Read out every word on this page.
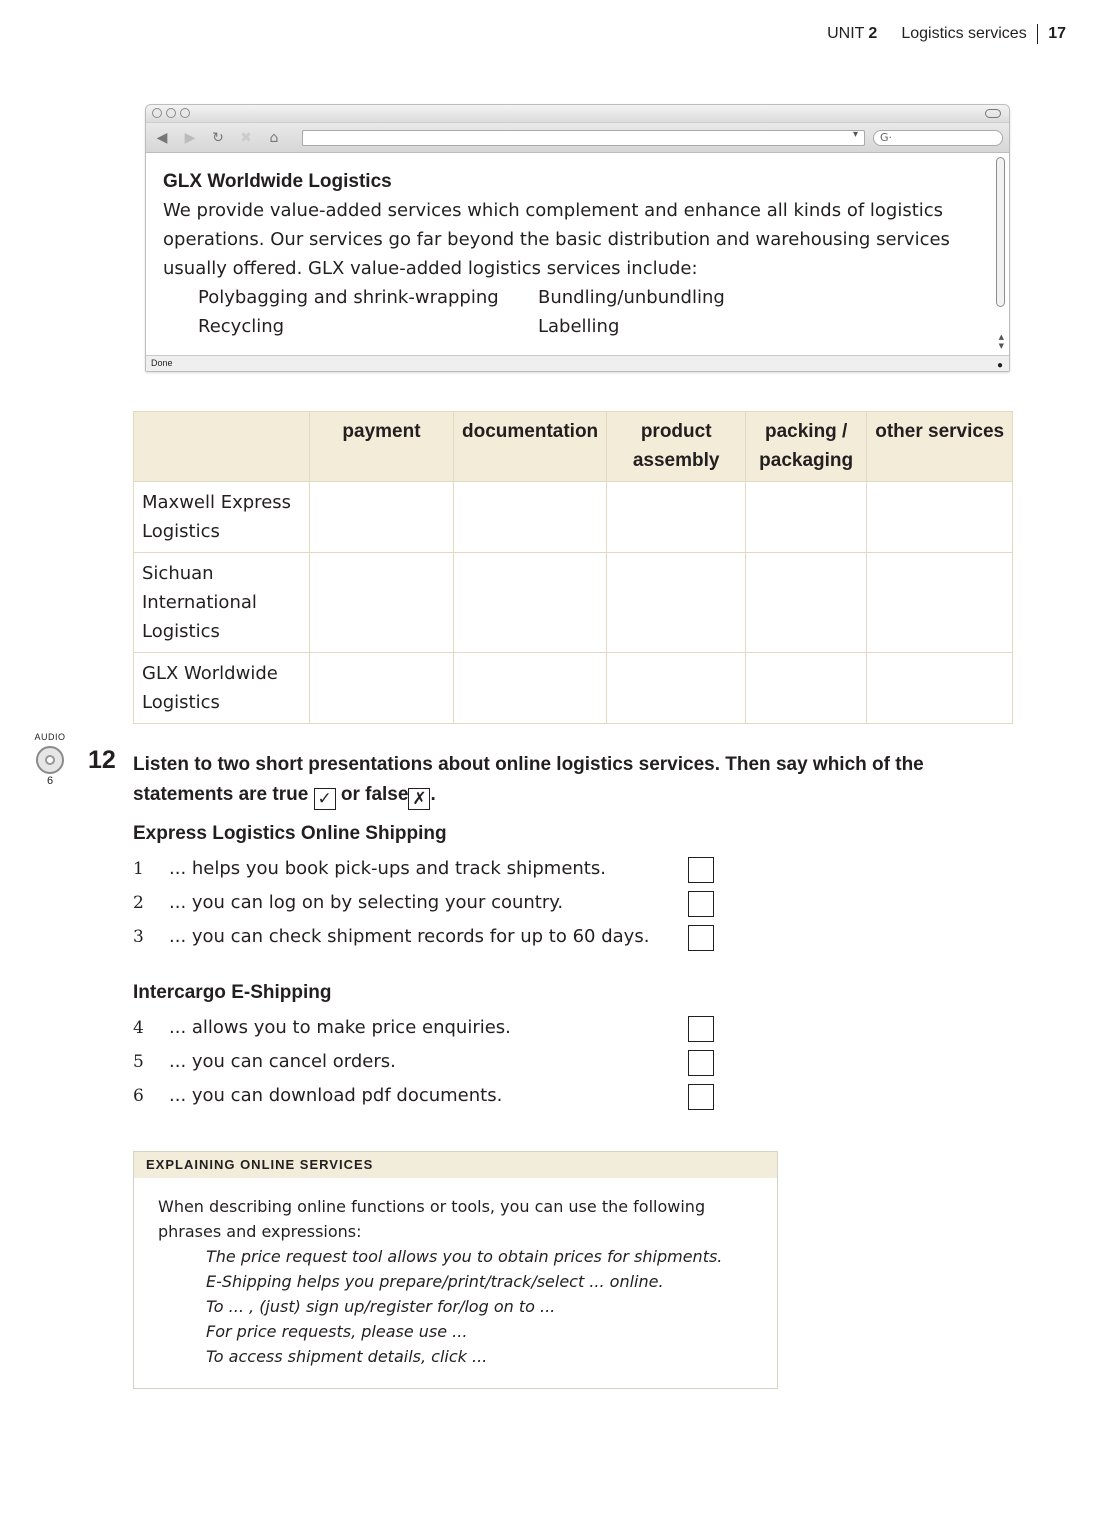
UNIT 2 Logistics services 17
◀	▶	↻ ✖	⌂	▾	G·
GLX Worldwide Logistics
We provide value-added services which complement and enhance all kinds of logistics
operations. Our services go far beyond the basic distribution and warehousing services
usually offered. GLX value-added logistics services include:
Polybagging and shrink-wrapping	Bundling/unbundling
Recycling	Labelling	▲
▼
Done	●
	payment	documentation	product assembly	packing / packaging	other services
Maxwell Express Logistics					
Sichuan International Logistics					
GLX Worldwide Logistics					
AUDIO
6
12 Listen to two short presentations about online logistics services. Then say which of the statements are true ✓ or false ✗ .
Express Logistics Online Shipping
1	... helps you book pick-ups and track shipments.
2	... you can log on by selecting your country.
3	... you can check shipment records for up to 60 days.
Intercargo E-Shipping
4	... allows you to make price enquiries.
5	... you can cancel orders.
6	... you can download pdf documents.
EXPLAINING ONLINE SERVICES
When describing online functions or tools, you can use the following
phrases and expressions:
The price request tool allows you to obtain prices for shipments.
E-Shipping helps you prepare/print/track/select ... online.
To ... , (just) sign up/register for/log on to ...
For price requests, please use ...
To access shipment details, click ...
